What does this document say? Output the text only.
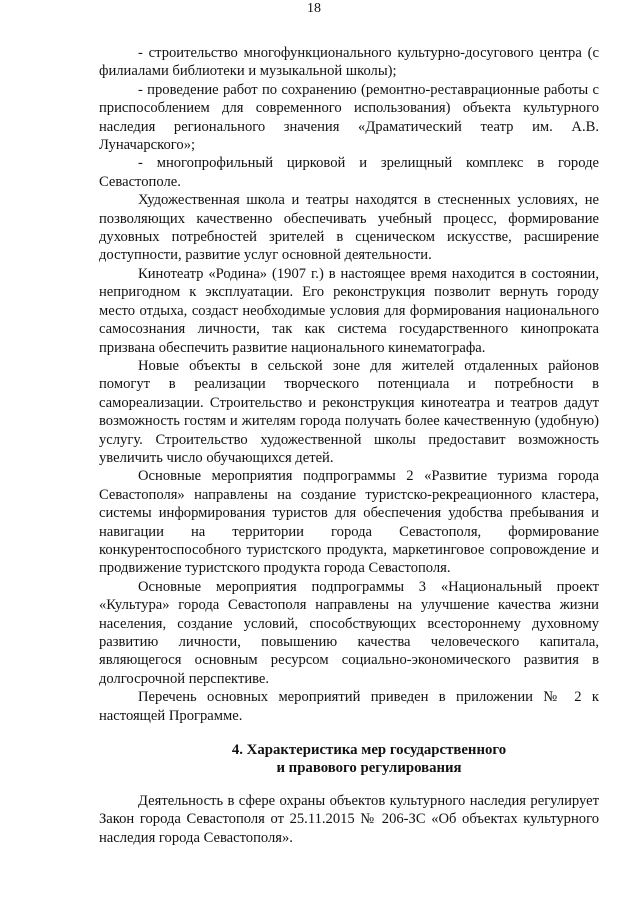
18

- строительство многофункционального культурно-досугового центра (с филиалами библиотеки и музыкальной школы);

- проведение работ по сохранению (ремонтно-реставрационные работы с приспособлением для современного использования) объекта культурного наследия регионального значения «Драматический театр им. А.В. Луначарского»;

- многопрофильный цирковой и зрелищный комплекс в городе Севастополе.

Художественная школа и театры находятся в стесненных условиях, не позволяющих качественно обеспечивать учебный процесс, формирование духовных потребностей зрителей в сценическом искусстве, расширение доступности, развитие услуг основной деятельности.

Кинотеатр «Родина» (1907 г.) в настоящее время находится в состоянии, непригодном к эксплуатации. Его реконструкция позволит вернуть городу место отдыха, создаст необходимые условия для формирования национального самосознания личности, так как система государственного кинопроката призвана обеспечить развитие национального кинематографа.

Новые объекты в сельской зоне для жителей отдаленных районов помогут в реализации творческого потенциала и потребности в самореализации. Строительство и реконструкция кинотеатра и театров дадут возможность гостям и жителям города получать более качественную (удобную) услугу. Строительство художественной школы предоставит возможность увеличить число обучающихся детей.

Основные мероприятия подпрограммы 2 «Развитие туризма города Севастополя» направлены на создание туристско-рекреационного кластера, системы информирования туристов для обеспечения удобства пребывания и навигации на территории города Севастополя, формирование конкурентоспособного туристского продукта, маркетинговое сопровождение и продвижение туристского продукта города Севастополя.

Основные мероприятия подпрограммы 3 «Национальный проект «Культура» города Севастополя направлены на улучшение качества жизни населения, создание условий, способствующих всестороннему духовному развитию личности, повышению качества человеческого капитала, являющегося основным ресурсом социально-экономического развития в долгосрочной перспективе.

Перечень основных мероприятий приведен в приложении № 2 к настоящей Программе.

4. Характеристика мер государственного
и правового регулирования

Деятельность в сфере охраны объектов культурного наследия регулирует Закон города Севастополя от 25.11.2015 № 206-ЗС «Об объектах культурного наследия города Севастополя».
